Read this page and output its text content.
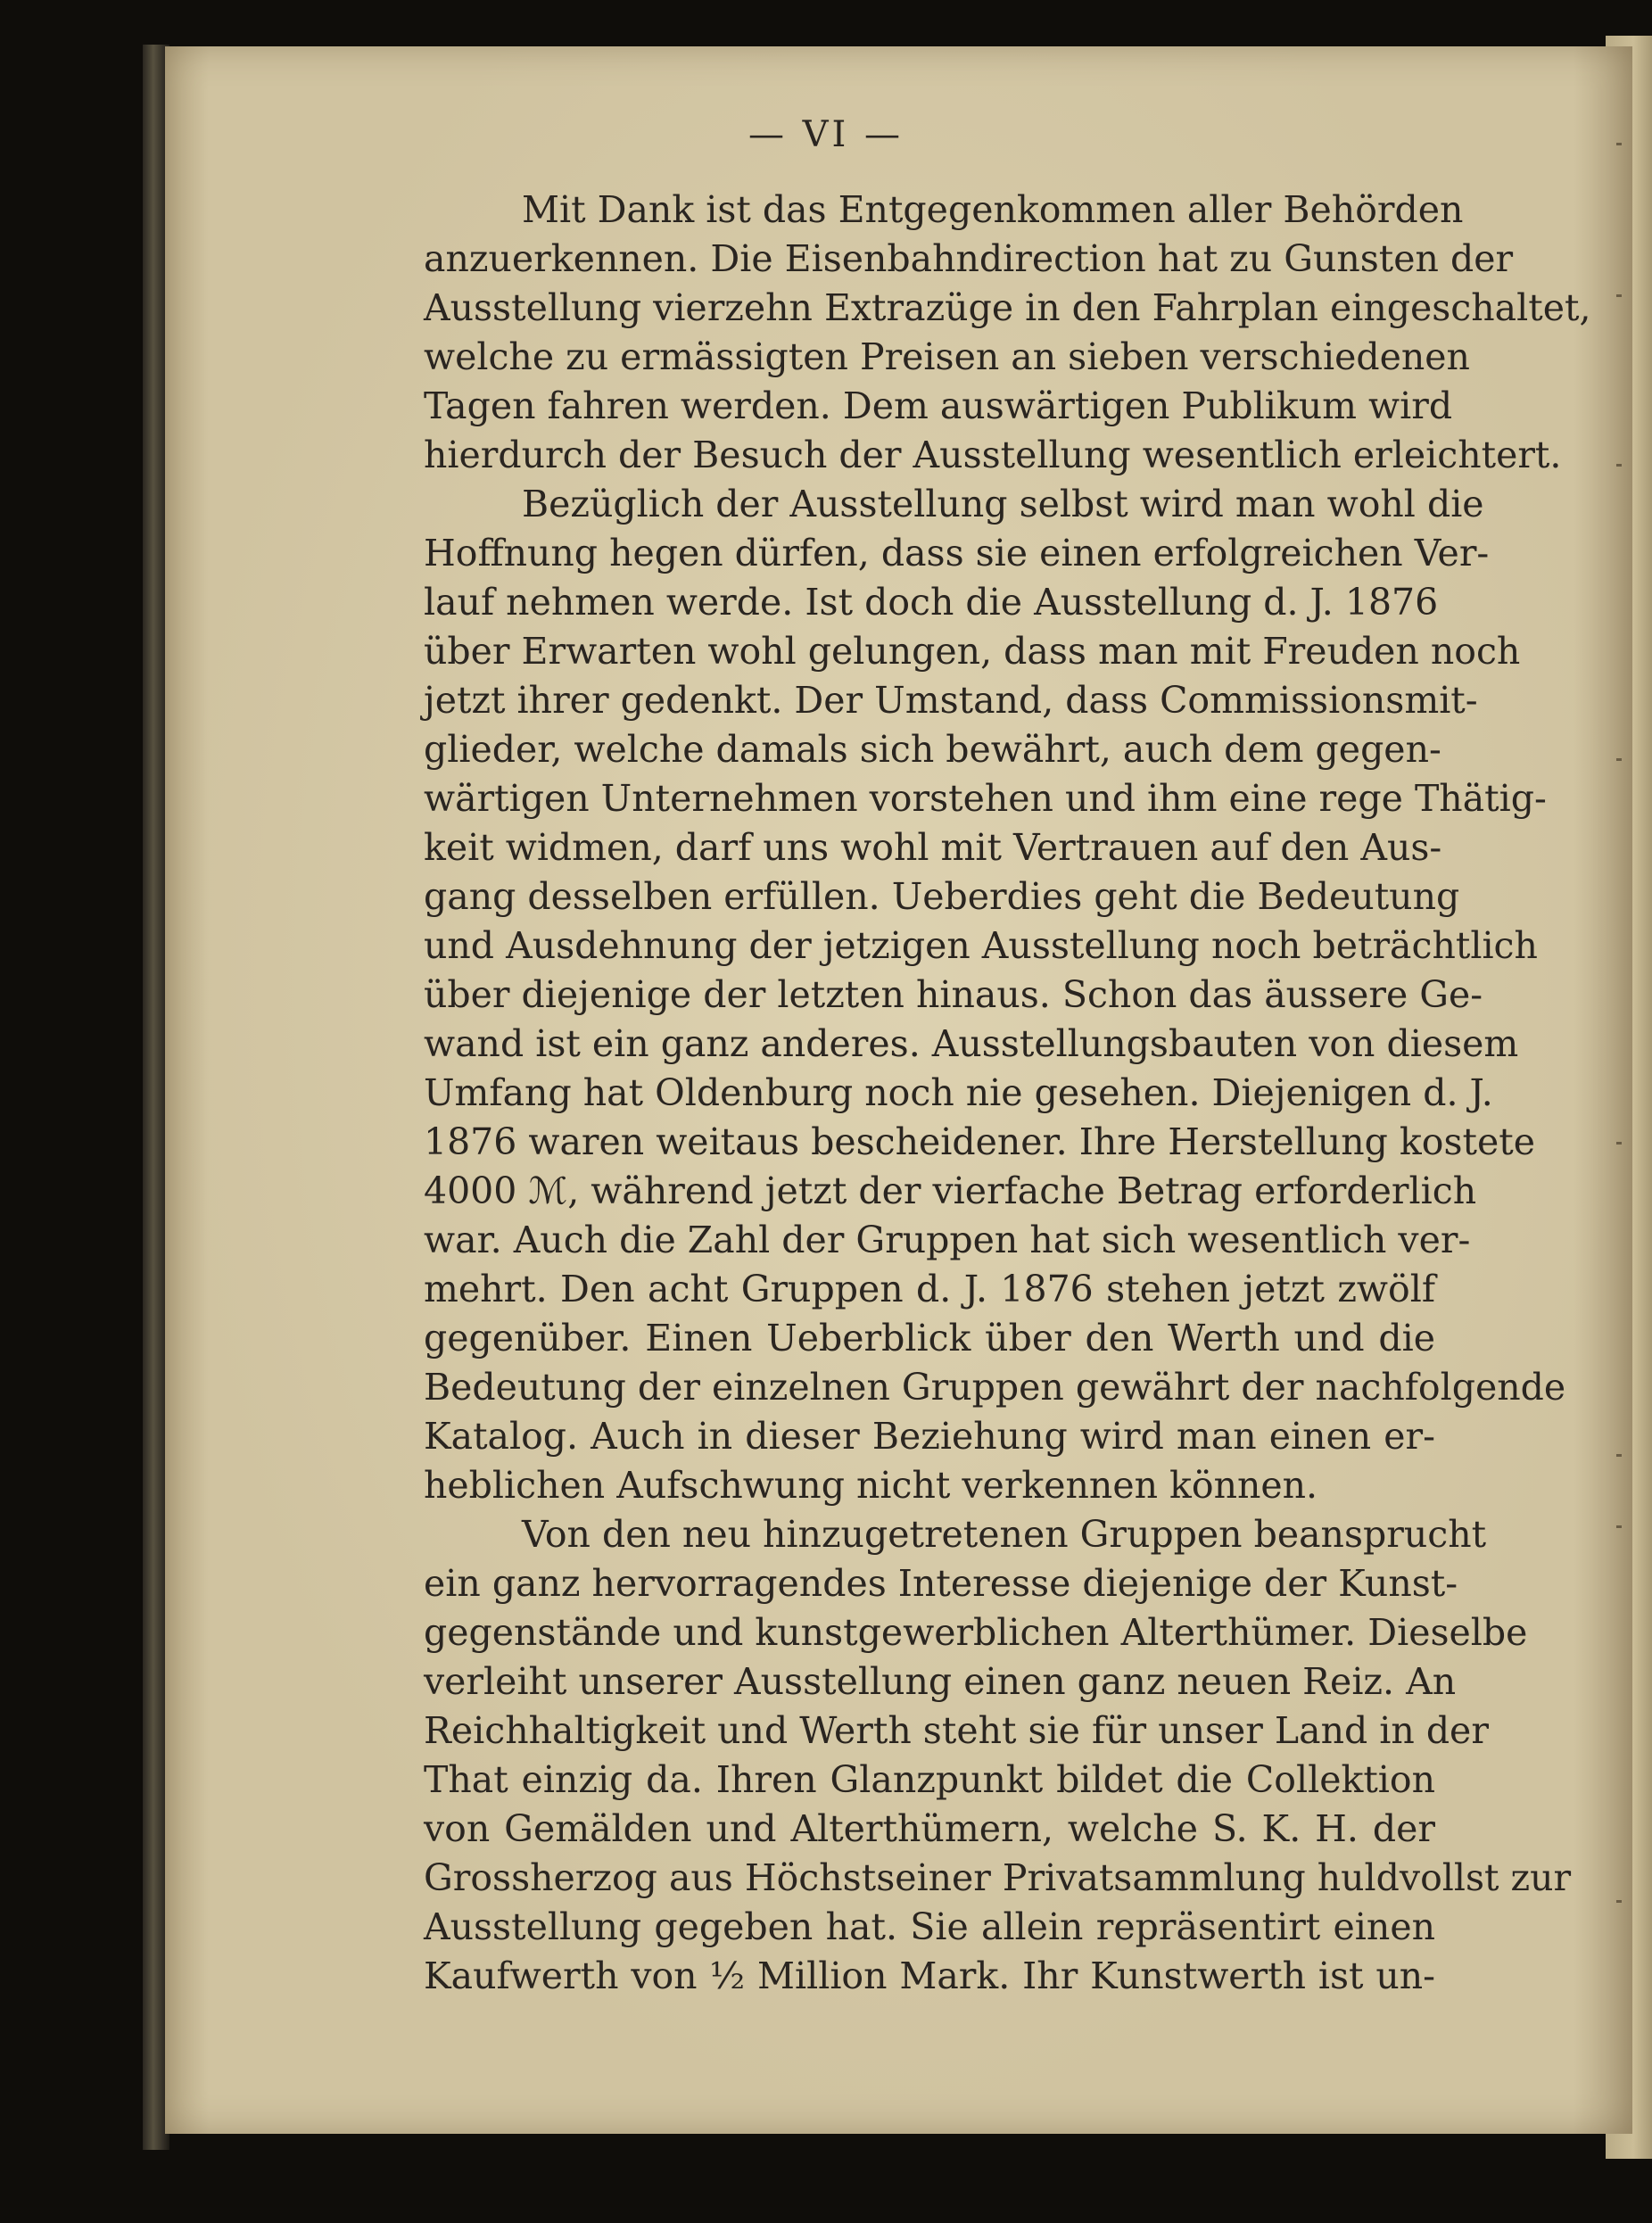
— VI —
Mit Dank ist das Entgegenkommen aller Behörden
anzuerkennen. Die Eisenbahndirection hat zu Gunsten der
Ausstellung vierzehn Extrazüge in den Fahrplan eingeschaltet,
welche zu ermässigten Preisen an sieben verschiedenen
Tagen fahren werden. Dem auswärtigen Publikum wird
hierdurch der Besuch der Ausstellung wesentlich erleichtert.
Bezüglich der Ausstellung selbst wird man wohl die
Hoffnung hegen dürfen, dass sie einen erfolgreichen Ver-
lauf nehmen werde. Ist doch die Ausstellung d. J. 1876
über Erwarten wohl gelungen, dass man mit Freuden noch
jetzt ihrer gedenkt. Der Umstand, dass Commissionsmit-
glieder, welche damals sich bewährt, auch dem gegen-
wärtigen Unternehmen vorstehen und ihm eine rege Thätig-
keit widmen, darf uns wohl mit Vertrauen auf den Aus-
gang desselben erfüllen. Ueberdies geht die Bedeutung
und Ausdehnung der jetzigen Ausstellung noch beträchtlich
über diejenige der letzten hinaus. Schon das äussere Ge-
wand ist ein ganz anderes. Ausstellungsbauten von diesem
Umfang hat Oldenburg noch nie gesehen. Diejenigen d. J.
1876 waren weitaus bescheidener. Ihre Herstellung kostete
4000 ℳ, während jetzt der vierfache Betrag erforderlich
war. Auch die Zahl der Gruppen hat sich wesentlich ver-
mehrt. Den acht Gruppen d. J. 1876 stehen jetzt zwölf
gegenüber. Einen Ueberblick über den Werth und die
Bedeutung der einzelnen Gruppen gewährt der nachfolgende
Katalog. Auch in dieser Beziehung wird man einen er-
heblichen Aufschwung nicht verkennen können.
Von den neu hinzugetretenen Gruppen beansprucht
ein ganz hervorragendes Interesse diejenige der Kunst-
gegenstände und kunstgewerblichen Alterthümer. Dieselbe
verleiht unserer Ausstellung einen ganz neuen Reiz. An
Reichhaltigkeit und Werth steht sie für unser Land in der
That einzig da. Ihren Glanzpunkt bildet die Collektion
von Gemälden und Alterthümern, welche S. K. H. der
Grossherzog aus Höchstseiner Privatsammlung huldvollst zur
Ausstellung gegeben hat. Sie allein repräsentirt einen
Kaufwerth von ½ Million Mark. Ihr Kunstwerth ist un-
